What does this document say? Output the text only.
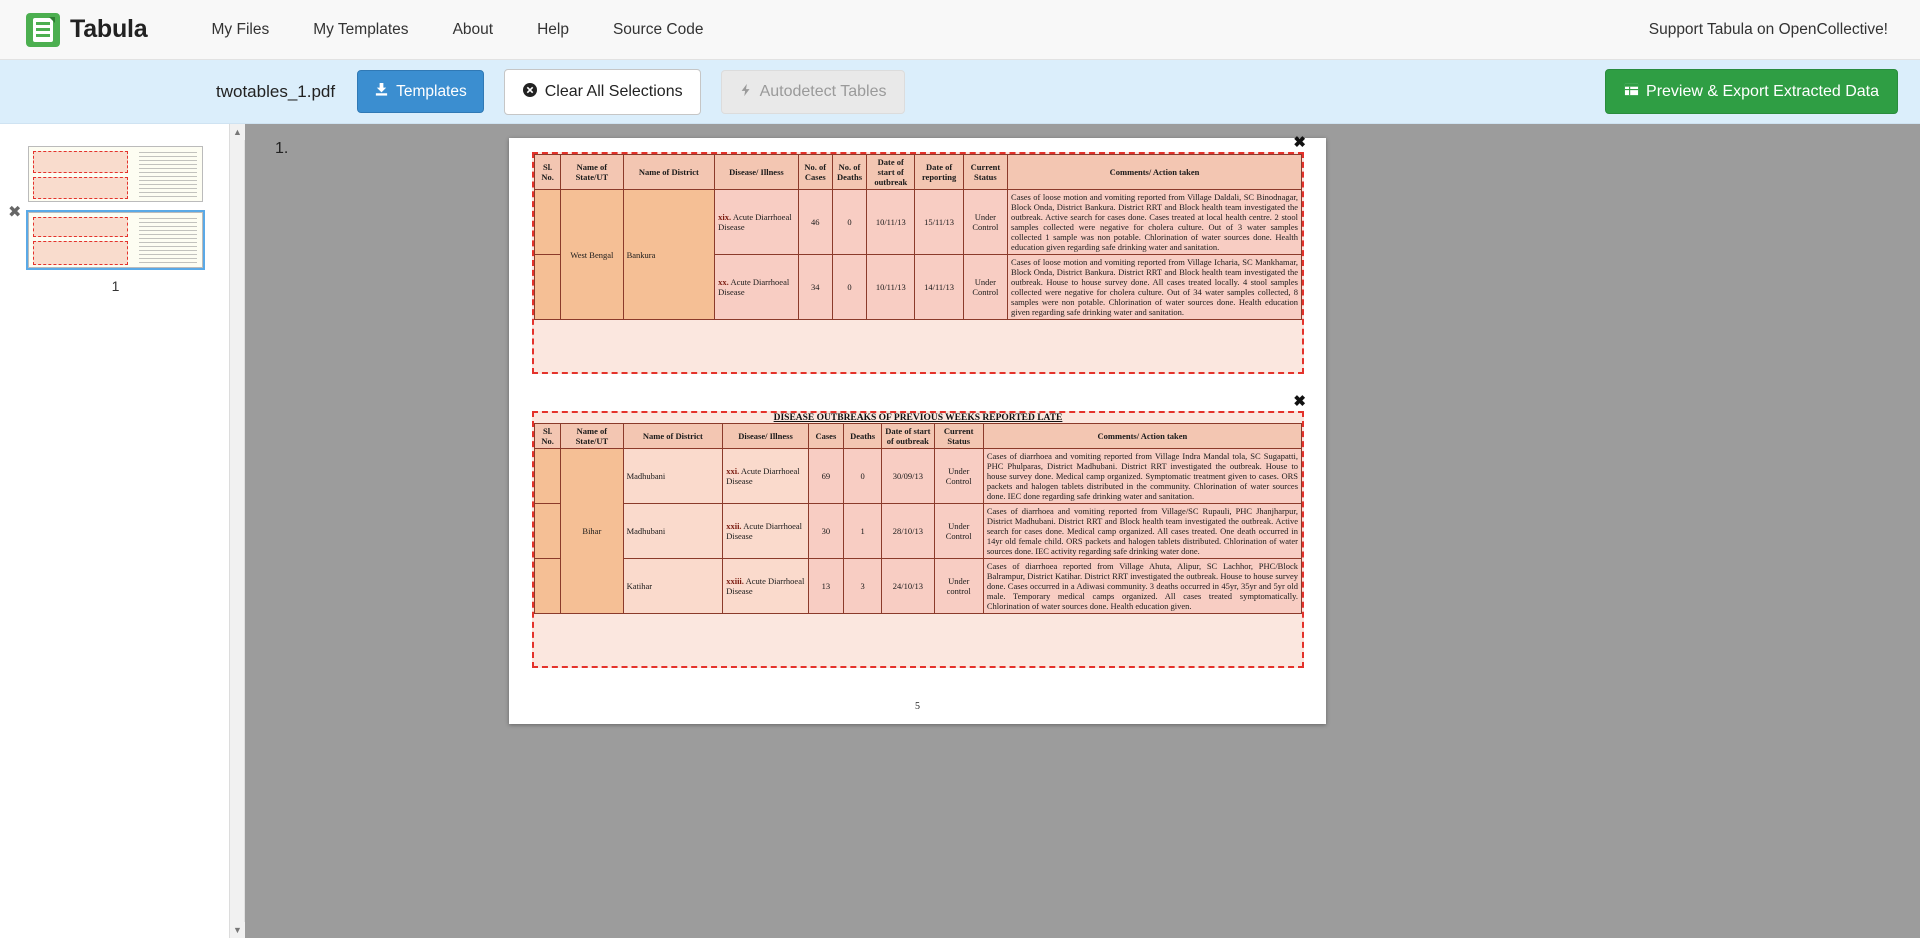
Tabula	My Files	My Templates	About	Help	Source Code	Support Tabula on OpenCollective!
twotables_1.pdf	Templates	Clear All Selections	Autodetect Tables	Preview & Export Extracted Data
✖
1
▲
▼
1.	✖
Sl. No.	Name of State/UT	Name of District	Disease/ Illness	No. of Cases	No. of Deaths	Date of start of outbreak	Date of reporting	Current Status	Comments/ Action taken
	West Bengal	Bankura	xix. Acute Diarrhoeal Disease	46	0	10/11/13	15/11/13	Under Control	Cases of loose motion and vomiting reported from Village Daldali, SC Binodnagar, Block Onda, District Bankura. District RRT and Block health team investigated the outbreak. Active search for cases done. Cases treated at local health centre. 2 stool samples collected were negative for cholera culture. Out of 3 water samples collected 1 sample was non potable. Chlorination of water sources done. Health education given regarding safe drinking water and sanitation.
			xx. Acute Diarrhoeal Disease	34	0	10/11/13	14/11/13	Under Control	Cases of loose motion and vomiting reported from Village Icharia, SC Mankhamar, Block Onda, District Bankura. District RRT and Block health team investigated the outbreak. House to house survey done. All cases treated locally. 4 stool samples collected were negative for cholera culture. Out of 34 water samples collected, 8 samples were non potable. Chlorination of water sources done. Health education given regarding safe drinking water and sanitation.
✖
DISEASE OUTBREAKS OF PREVIOUS WEEKS REPORTED LATE
Sl. No.	Name of State/UT	Name of District	Disease/ Illness	Cases	Deaths	Date of start of outbreak	Current Status	Comments/ Action taken
	Bihar	Madhubani	xxi. Acute Diarrhoeal Disease	69	0	30/09/13	Under Control	Cases of diarrhoea and vomiting reported from Village Indra Mandal tola, SC Sugapatti, PHC Phulparas, District Madhubani. District RRT investigated the outbreak. House to house survey done. Medical camp organized. Symptomatic treatment given to cases. ORS packets and halogen tablets distributed in the community. Chlorination of water sources done. IEC done regarding safe drinking water and sanitation.
		Madhubani	xxii. Acute Diarrhoeal Disease	30	1	28/10/13	Under Control	Cases of diarrhoea and vomiting reported from Village/SC Rupauli, PHC Jhanjharpur, District Madhubani. District RRT and Block health team investigated the outbreak. Active search for cases done. Medical camp organized. All cases treated. One death occurred in 14yr old female child. ORS packets and halogen tablets distributed. Chlorination of water sources done. IEC activity regarding safe drinking water done.
		Katihar	xxiii. Acute Diarrhoeal Disease	13	3	24/10/13	Under control	Cases of diarrhoea reported from Village Ahuta, Alipur, SC Lachhor, PHC/Block Balrampur, District Katihar. District RRT investigated the outbreak. House to house survey done. Cases occurred in a Adiwasi community. 3 deaths occurred in 45yr, 35yr and 5yr old male. Temporary medical camps organized. All cases treated symptomatically. Chlorination of water sources done. Health education given.
5
